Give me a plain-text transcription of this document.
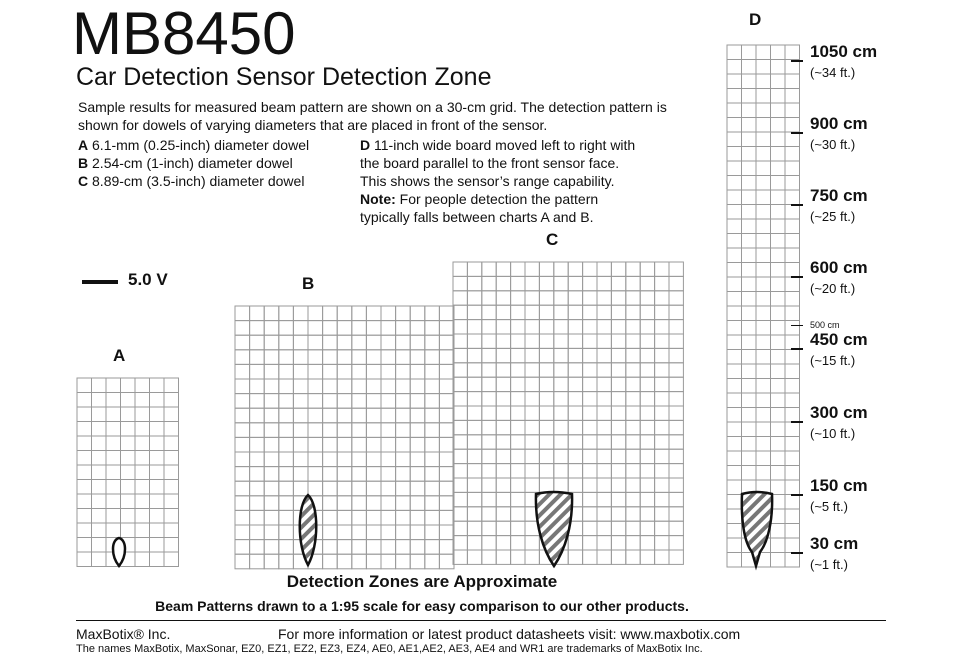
MB8450
Car Detection Sensor Detection Zone
Sample results for measured beam pattern are shown on a 30-cm grid. The detection pattern is shown for dowels of varying diameters that are placed in front of the sensor.
A 6.1-mm (0.25-inch) diameter dowel
B 2.54-cm (1-inch) diameter dowel
C 8.89-cm (3.5-inch) diameter dowel
D 11-inch wide board moved left to right with
the board parallel to the front sensor face.
This shows the sensor’s range capability.
Note: For people detection the pattern
typically falls between charts A and B.
5.0 V
A
B
C
D
1050 cm
(~34 ft.)
900 cm
(~30 ft.)
750 cm
(~25 ft.)
600 cm
(~20 ft.)
500 cm
450 cm
(~15 ft.)
300 cm
(~10 ft.)
150 cm
(~5 ft.)
30 cm
(~1 ft.)
Detection Zones are Approximate
Beam Patterns drawn to a 1:95 scale for easy comparison to our other products.
MaxBotix® Inc.	For more information or latest product datasheets visit: www.maxbotix.com
The names MaxBotix, MaxSonar, EZ0, EZ1, EZ2, EZ3, EZ4, AE0, AE1,AE2, AE3, AE4 and WR1 are trademarks of MaxBotix Inc.
